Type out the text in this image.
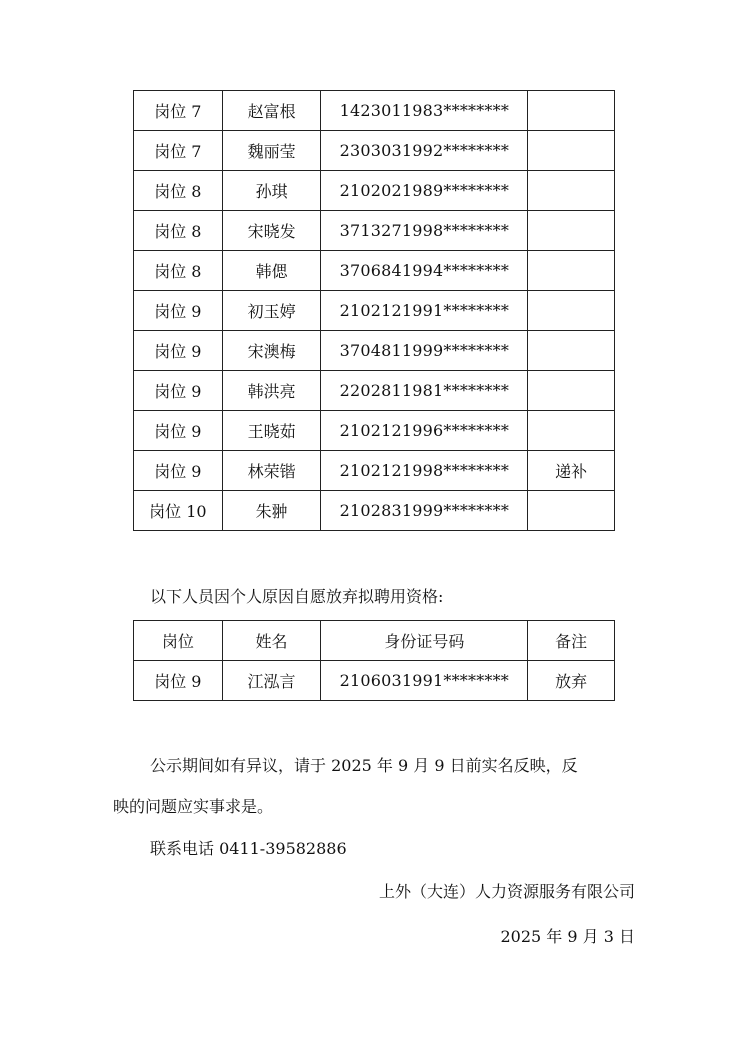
岗位 7	赵富根	1423011983********	
岗位 7	魏丽莹	2303031992********	
岗位 8	孙琪	2102021989********	
岗位 8	宋晓发	3713271998********	
岗位 8	韩偲	3706841994********	
岗位 9	初玉婷	2102121991********	
岗位 9	宋澳梅	3704811999********	
岗位 9	韩洪亮	2202811981********	
岗位 9	王晓茹	2102121996********	
岗位 9	林荣锴	2102121998********	递补
岗位 10	朱翀	2102831999********	
以下人员因个人原因自愿放弃拟聘用资格:
岗位	姓名	身份证号码	备注
岗位 9	江泓言	2106031991********	放弃
公示期间如有异议，请于 2025 年 9 月 9 日前实名反映，反
映的问题应实事求是。
联系电话 0411-39582886
上外（大连）人力资源服务有限公司
2025 年 9 月 3 日
